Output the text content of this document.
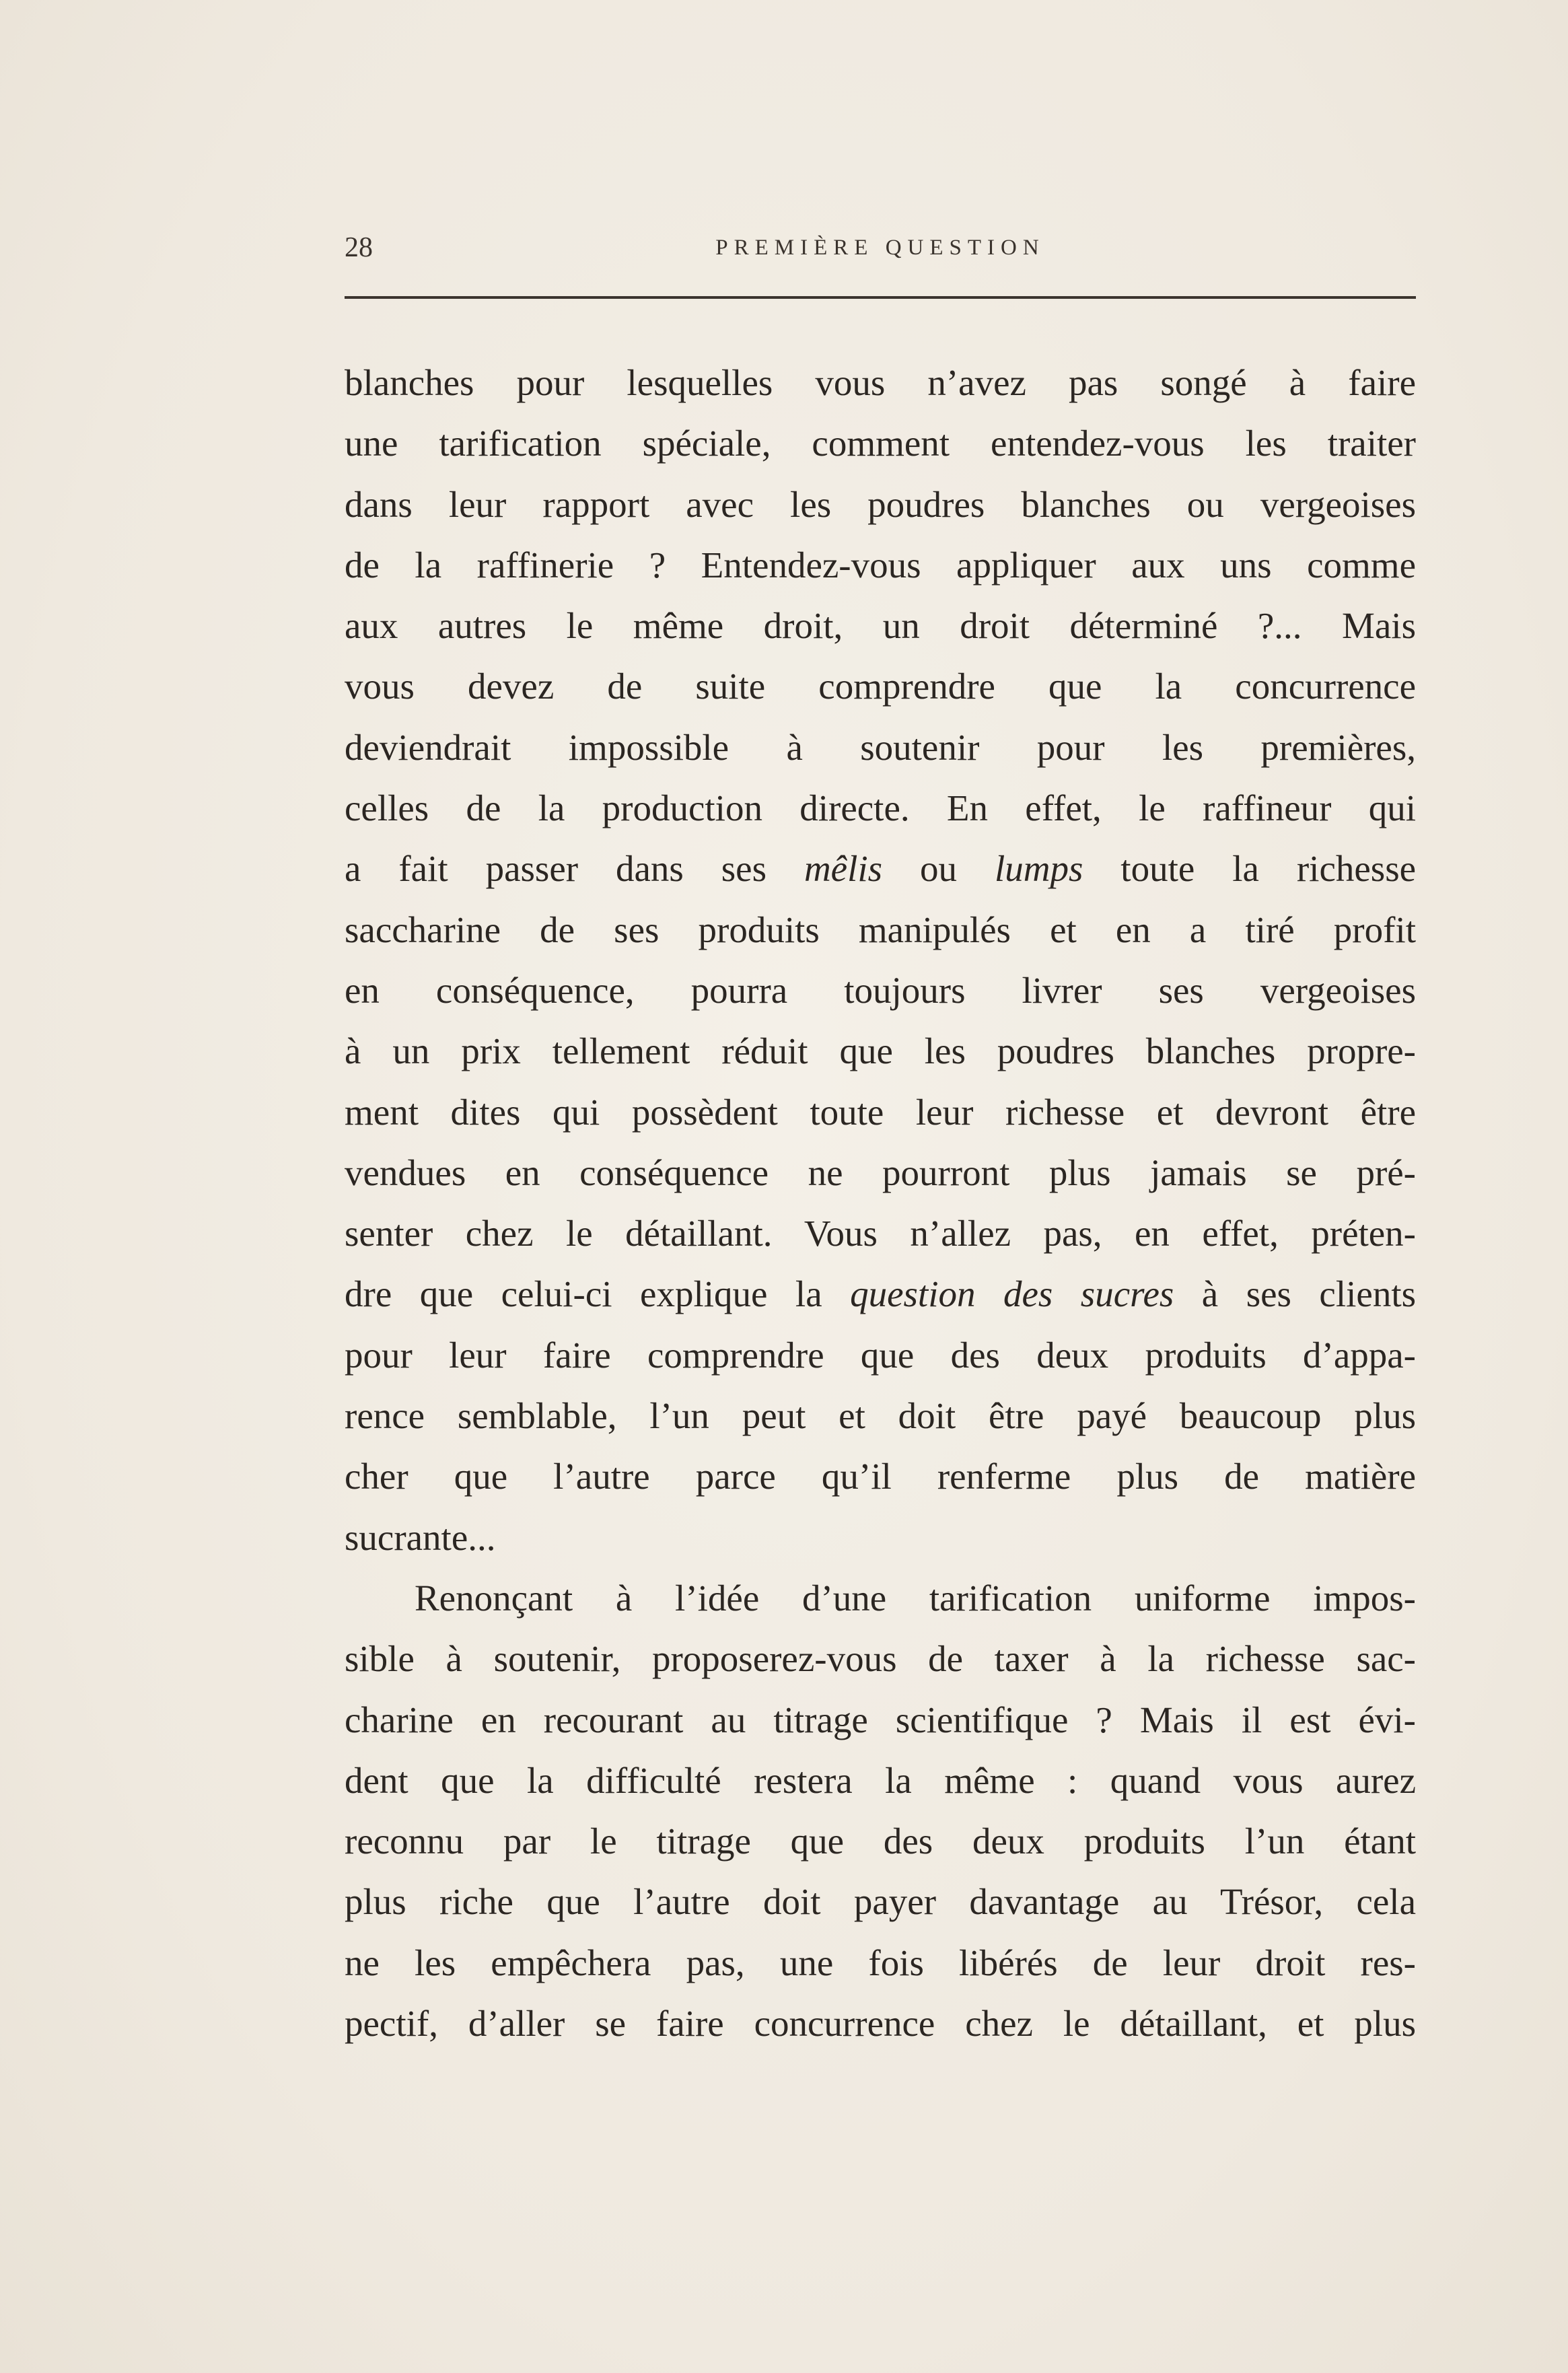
28	PREMIÈRE QUESTION
blanches pour lesquelles vous n’avez pas songé à faire
une tarification spéciale, comment entendez-vous les traiter
dans leur rapport avec les poudres blanches ou vergeoises
de la raffinerie ? Entendez-vous appliquer aux uns comme
aux autres le même droit, un droit déterminé ?... Mais
vous devez de suite comprendre que la concurrence
deviendrait impossible à soutenir pour les premières,
celles de la production directe. En effet, le raffineur qui
a fait passer dans ses mêlis ou lumps toute la richesse
saccharine de ses produits manipulés et en a tiré profit
en conséquence, pourra toujours livrer ses vergeoises
à un prix tellement réduit que les poudres blanches propre-
ment dites qui possèdent toute leur richesse et devront être
vendues en conséquence ne pourront plus jamais se pré-
senter chez le détaillant. Vous n’allez pas, en effet, préten-
dre que celui-ci explique la question des sucres à ses clients
pour leur faire comprendre que des deux produits d’appa-
rence semblable, l’un peut et doit être payé beaucoup plus
cher que l’autre parce qu’il renferme plus de matière
sucrante...
Renonçant à l’idée d’une tarification uniforme impos-
sible à soutenir, proposerez-vous de taxer à la richesse sac-
charine en recourant au titrage scientifique ? Mais il est évi-
dent que la difficulté restera la même : quand vous aurez
reconnu par le titrage que des deux produits l’un étant
plus riche que l’autre doit payer davantage au Trésor, cela
ne les empêchera pas, une fois libérés de leur droit res-
pectif, d’aller se faire concurrence chez le détaillant, et plus
